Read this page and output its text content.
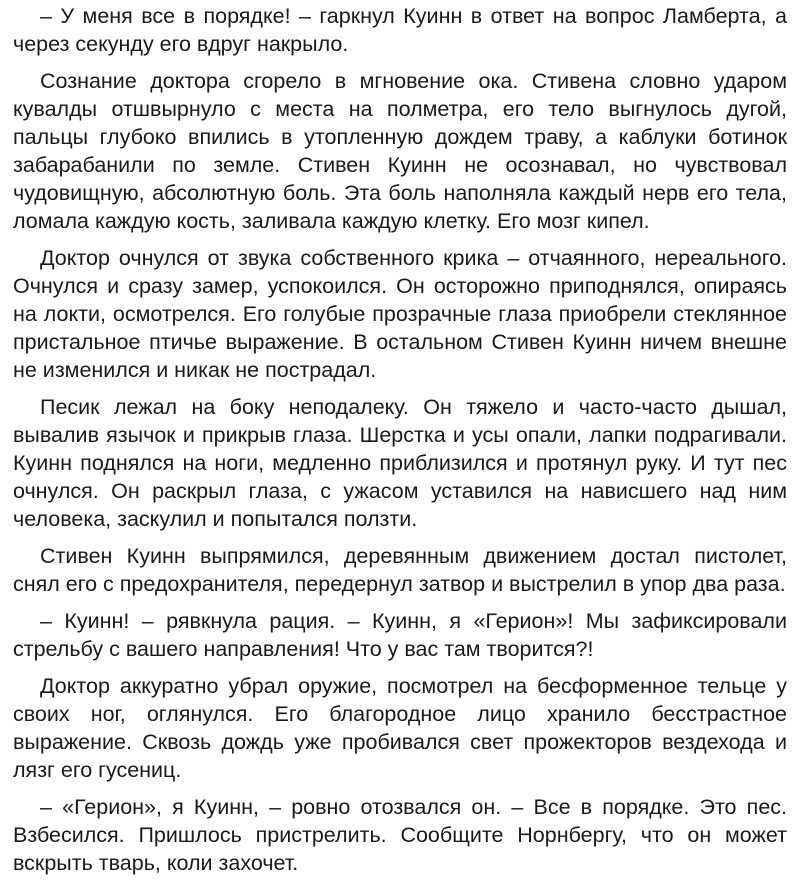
– У меня все в порядке! – гаркнул Куинн в ответ на вопрос Ламберта, а через секунду его вдруг накрыло.

Сознание доктора сгорело в мгновение ока. Стивена словно ударом кувалды отшвырнуло с места на полметра, его тело выгнулось дугой, пальцы глубоко впились в утопленную дождем траву, а каблуки ботинок забарабанили по земле. Стивен Куинн не осознавал, но чувствовал чудовищную, абсолютную боль. Эта боль наполняла каждый нерв его тела, ломала каждую кость, заливала каждую клетку. Его мозг кипел.

Доктор очнулся от звука собственного крика – отчаянного, нереального. Очнулся и сразу замер, успокоился. Он осторожно приподнялся, опираясь на локти, осмотрелся. Его голубые прозрачные глаза приобрели стеклянное пристальное птичье выражение. В остальном Стивен Куинн ничем внешне не изменился и никак не пострадал.

Песик лежал на боку неподалеку. Он тяжело и часто-часто дышал, вывалив язычок и прикрыв глаза. Шерстка и усы опали, лапки подрагивали. Куинн поднялся на ноги, медленно приблизился и протянул руку. И тут пес очнулся. Он раскрыл глаза, с ужасом уставился на нависшего над ним человека, заскулил и попытался ползти.

Стивен Куинн выпрямился, деревянным движением достал пистолет, снял его с предохранителя, передернул затвор и выстрелил в упор два раза.

– Куинн! – рявкнула рация. – Куинн, я «Герион»! Мы зафиксировали стрельбу с вашего направления! Что у вас там творится?!

Доктор аккуратно убрал оружие, посмотрел на бесформенное тельце у своих ног, оглянулся. Его благородное лицо хранило бесстрастное выражение. Сквозь дождь уже пробивался свет прожекторов вездехода и лязг его гусениц.

– «Герион», я Куинн, – ровно отозвался он. – Все в порядке. Это пес. Взбесился. Пришлось пристрелить. Сообщите Норнбергу, что он может вскрыть тварь, коли захочет.
